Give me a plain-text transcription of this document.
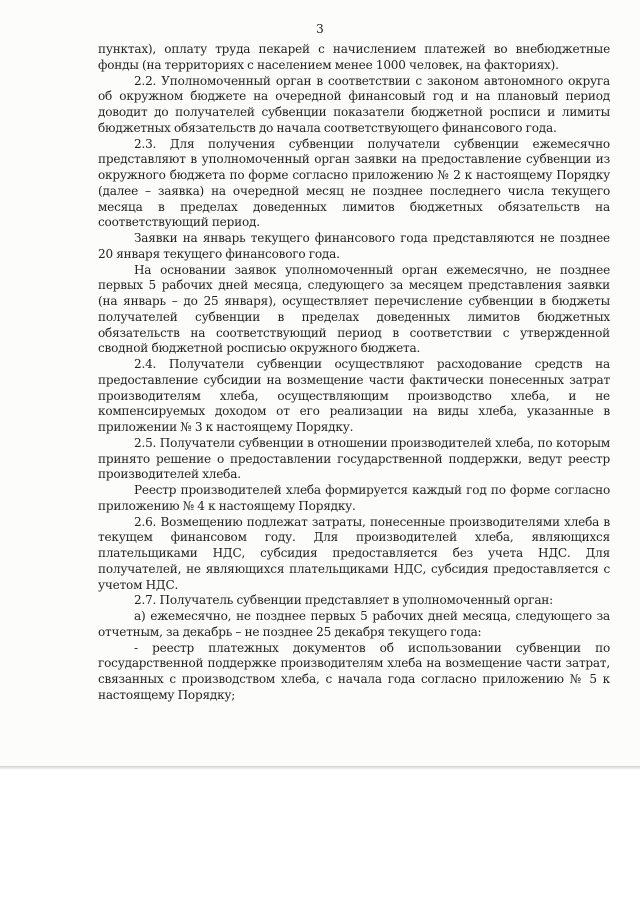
3

пунктах), оплату труда пекарей с начислением платежей во внебюджетные фонды (на территориях с населением менее 1000 человек, на факториях).

2.2. Уполномоченный орган в соответствии с законом автономного округа об окружном бюджете на очередной финансовый год и на плановый период доводит до получателей субвенции показатели бюджетной росписи и лимиты бюджетных обязательств до начала соответствующего финансового года.

2.3. Для получения субвенции получатели субвенции ежемесячно представляют в уполномоченный орган заявки на предоставление субвенции из окружного бюджета по форме согласно приложению № 2 к настоящему Порядку (далее – заявка) на очередной месяц не позднее последнего числа текущего месяца в пределах доведенных лимитов бюджетных обязательств на соответствующий период.

Заявки на январь текущего финансового года представляются не позднее 20 января текущего финансового года.

На основании заявок уполномоченный орган ежемесячно, не позднее первых 5 рабочих дней месяца, следующего за месяцем представления заявки (на январь – до 25 января), осуществляет перечисление субвенции в бюджеты получателей субвенции в пределах доведенных лимитов бюджетных обязательств на соответствующий период в соответствии с утвержденной сводной бюджетной росписью окружного бюджета.

2.4. Получатели субвенции осуществляют расходование средств на предоставление субсидии на возмещение части фактически понесенных затрат производителям хлеба, осуществляющим производство хлеба, и не компенсируемых доходом от его реализации на виды хлеба, указанные в приложении № 3 к настоящему Порядку.

2.5. Получатели субвенции в отношении производителей хлеба, по которым принято решение о предоставлении государственной поддержки, ведут реестр производителей хлеба.

Реестр производителей хлеба формируется каждый год по форме согласно приложению № 4 к настоящему Порядку.

2.6. Возмещению подлежат затраты, понесенные производителями хлеба в текущем финансовом году. Для производителей хлеба, являющихся плательщиками НДС, субсидия предоставляется без учета НДС. Для получателей, не являющихся плательщиками НДС, субсидия предоставляется с учетом НДС.

2.7. Получатель субвенции представляет в уполномоченный орган:

а) ежемесячно, не позднее первых 5 рабочих дней месяца, следующего за отчетным, за декабрь – не позднее 25 декабря текущего года:

- реестр платежных документов об использовании субвенции по государственной поддержке производителям хлеба на возмещение части затрат, связанных с производством хлеба, с начала года согласно приложению № 5 к настоящему Порядку;
